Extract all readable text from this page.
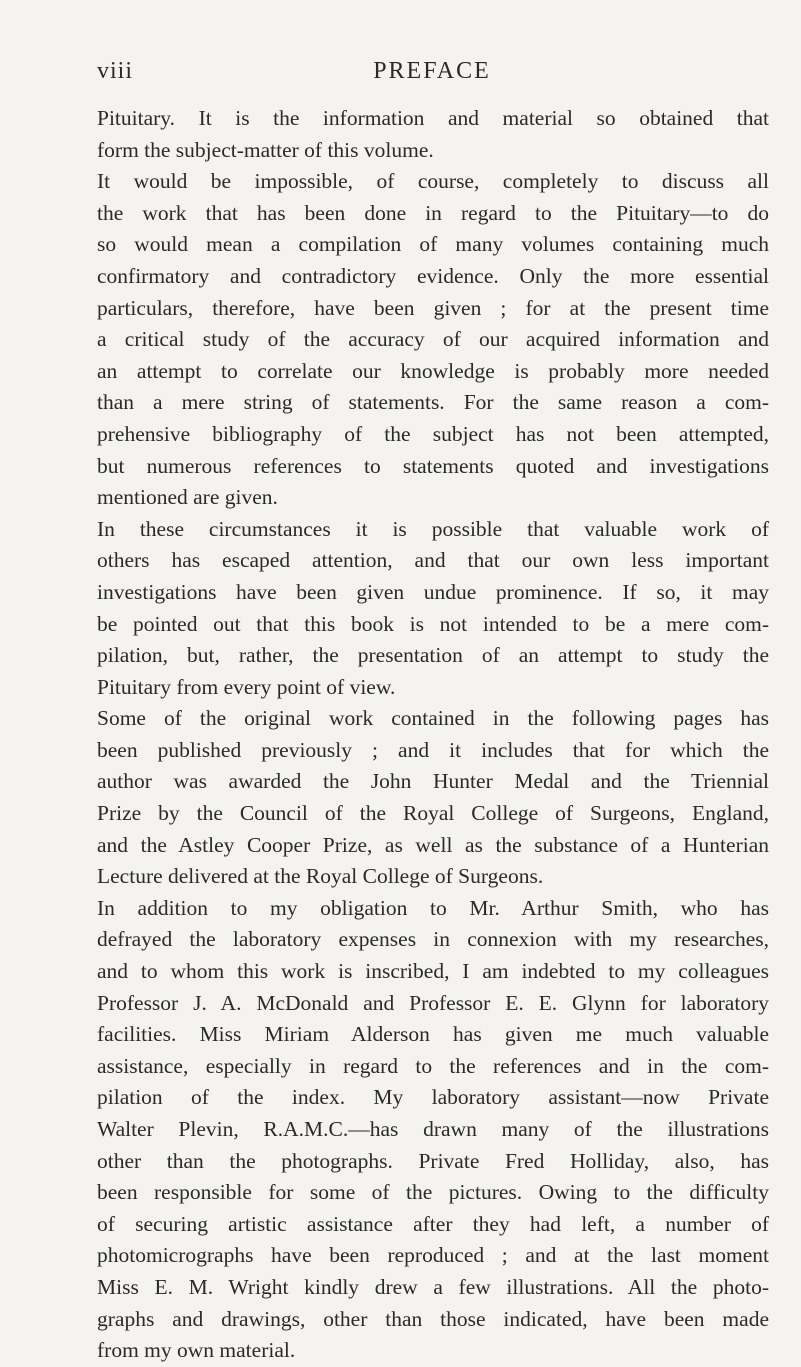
PREFACE
viii
Pituitary. It is the information and material so obtained that
form the subject-matter of this volume.
It would be impossible, of course, completely to discuss all
the work that has been done in regard to the Pituitary—to do
so would mean a compilation of many volumes containing much
confirmatory and contradictory evidence. Only the more essential
particulars, therefore, have been given ; for at the present time
a critical study of the accuracy of our acquired information and
an attempt to correlate our knowledge is probably more needed
than a mere string of statements. For the same reason a com-
prehensive bibliography of the subject has not been attempted,
but numerous references to statements quoted and investigations
mentioned are given.
In these circumstances it is possible that valuable work of
others has escaped attention, and that our own less important
investigations have been given undue prominence. If so, it may
be pointed out that this book is not intended to be a mere com-
pilation, but, rather, the presentation of an attempt to study the
Pituitary from every point of view.
Some of the original work contained in the following pages has
been published previously ; and it includes that for which the
author was awarded the John Hunter Medal and the Triennial
Prize by the Council of the Royal College of Surgeons, England,
and the Astley Cooper Prize, as well as the substance of a Hunterian
Lecture delivered at the Royal College of Surgeons.
In addition to my obligation to Mr. Arthur Smith, who has
defrayed the laboratory expenses in connexion with my researches,
and to whom this work is inscribed, I am indebted to my colleagues
Professor J. A. McDonald and Professor E. E. Glynn for laboratory
facilities. Miss Miriam Alderson has given me much valuable
assistance, especially in regard to the references and in the com-
pilation of the index. My laboratory assistant—now Private
Walter Plevin, R.A.M.C.—has drawn many of the illustrations
other than the photographs. Private Fred Holliday, also, has
been responsible for some of the pictures. Owing to the difficulty
of securing artistic assistance after they had left, a number of
photomicrographs have been reproduced ; and at the last moment
Miss E. M. Wright kindly drew a few illustrations. All the photo-
graphs and drawings, other than those indicated, have been made
from my own material.
